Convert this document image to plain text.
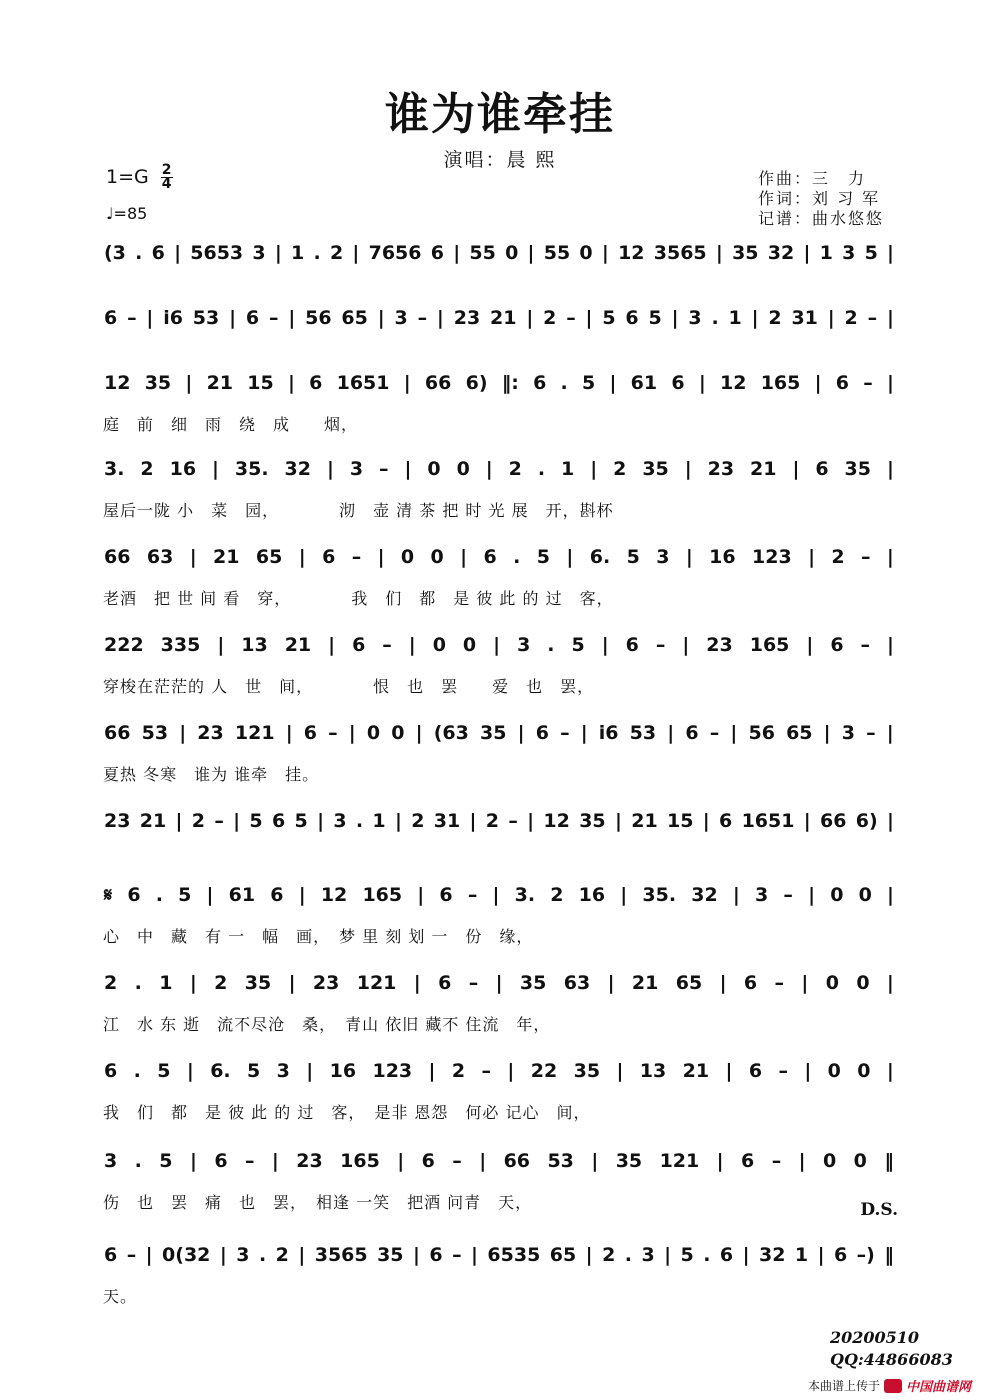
谁为谁牵挂
演唱：晨 熙
$1=G \frac{2}{4}$
♩=85
作曲：三　力
作词：刘 习 军
记谱：曲水悠悠
(3 . 6 | 5653 3 | 1 . 2 | 7656 6 | 55 0 | 55 0 | 12 3565 | 35 32 | 1 3 5 |
6 – | i6 53 | 6 – | 56 65 | 3 – | 23 21 | 2 – | 5 6 5 | 3 . 1 | 2 31 | 2 – |
12 35 | 21 15 | 6 1651 | 66 6) ‖: 6 . 5 | 61 6 | 12 165 | 6 – |
庭　前　细　雨　绕　成　　烟，
3. 2 16 | 35. 32 | 3 – | 0 0 | 2 . 1 | 2 35 | 23 21 | 6 35 |
屋后一陇 小　菜　园，　　　　沏　壶 清 茶 把 时 光 展　开，斟杯
66 63 | 21 65 | 6 – | 0 0 | 6 . 5 | 6. 5 3 | 16 123 | 2 – |
老酒　把 世 间 看　穿，　　　　我　们　都　是 彼 此 的 过　客，
222 335 | 13 21 | 6 – | 0 0 | 3 . 5 | 6 – | 23 165 | 6 – |
穿梭在茫茫的 人　世　间，　　　　恨　也　罢　　爱　也　罢，
66 53 | 23 121 | 6 – | 0 0 | (63 35 | 6 – | i6 53 | 6 – | 56 65 | 3 – |
夏热 冬寒　谁为 谁牵　挂。
23 21 | 2 – | 5 6 5 | 3 . 1 | 2 31 | 2 – | 12 35 | 21 15 | 6 1651 | 66 6) |
𝄋 6 . 5 | 61 6 | 12 165 | 6 – | 3. 2 16 | 35. 32 | 3 – | 0 0 |
心　中　藏　有 一　幅　画，　梦 里 刻 划 一　份　缘，
2 . 1 | 2 35 | 23 121 | 6 – | 35 63 | 21 65 | 6 – | 0 0 |
江　水 东 逝　流不尽沧　桑，　青山 依旧 藏不 住流　年，
6 . 5 | 6. 5 3 | 16 123 | 2 – | 22 35 | 13 21 | 6 – | 0 0 |
我　们　都　是 彼 此 的 过　客，　是非 恩怨　何必 记心　间，
3 . 5 | 6 – | 23 165 | 6 – | 66 53 | 35 121 | 6 – | 0 0 ‖
伤　也　罢　痛　也　罢，　相逢 一笑　把酒 问青　天，
6 – | 0(32 | 3 . 2 | 3565 35 | 6 – | 6535 65 | 2 . 3 | 5 . 6 | 32 1 | 6 –) ‖
天。
D.S.
20200510
QQ:44866083
本曲谱上传于 中国曲谱网
